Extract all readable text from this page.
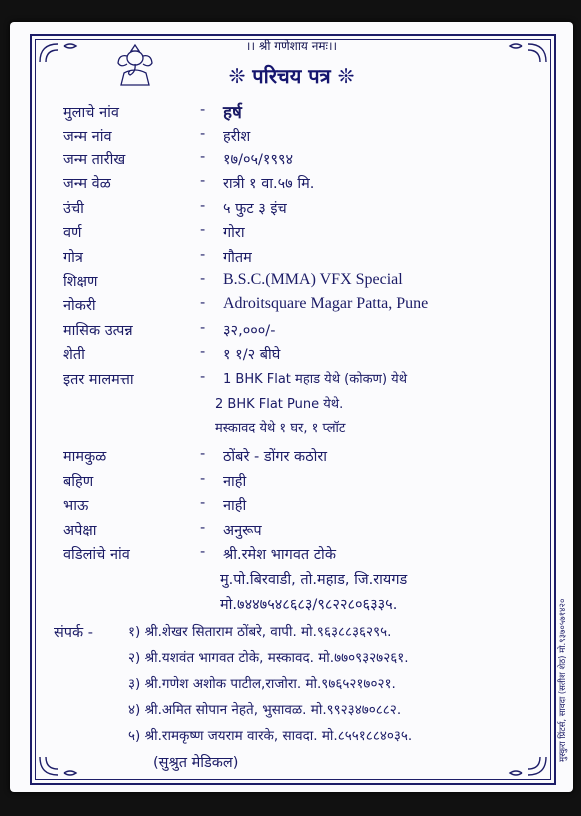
।। श्री गणेशाय नमः।।
❊ परिचय पत्र ❊
मुलाचे नांव	- हर्ष
जन्म नांव	- हरीश
जन्म तारीख	- १७/०५/१९९४
जन्म वेळ	- रात्री १ वा.५७ मि.
उंची	- ५ फुट ३ इंच
वर्ण	- गोरा
गोत्र	- गौतम
शिक्षण	- B.S.C.(MMA) VFX Special
नोकरी	- Adroitsquare Magar Patta, Pune
मासिक उत्पन्न	- ३२,०००/-
शेती	- १ १/२ बीघे
इतर मालमत्ता	- 1 BHK Flat महाड येथे (कोकण) येथे
2 BHK Flat Pune येथे.
मस्कावद येथे १ घर, १ प्लॉट
मामकुळ	- ठोंबरे - डोंगर कठोरा
बहिण	- नाही
भाऊ	- नाही
अपेक्षा	- अनुरूप
वडिलांचे नांव	- श्री.रमेश भागवत टोके
मु.पो.बिरवाडी, तो.महाड, जि.रायगड
मो.७४४७५४८६८३/९८२२८०६३३५.
संपर्क -	१) श्री.शेखर सिताराम ठोंबरे, वापी. मो.९६३८८३६२९५.
२) श्री.यशवंत भागवत टोके, मस्कावद. मो.७७०९३२७२६१.
३) श्री.गणेश अशोक पाटील,राजोरा. मो.९७६५२१७०२१.
४) श्री.अमित सोपान नेहते, भुसावळ. मो.९९२३४७०८८२.
५) श्री.रामकृष्ण जयराम वारके, सावदा. मो.८५५१८८४०३५.
(सुश्रुत मेडिकल)
मुस्कुरा प्रिंटर्स, सावदा (सतीश शेठ) मो.९३७०५७१४२०
